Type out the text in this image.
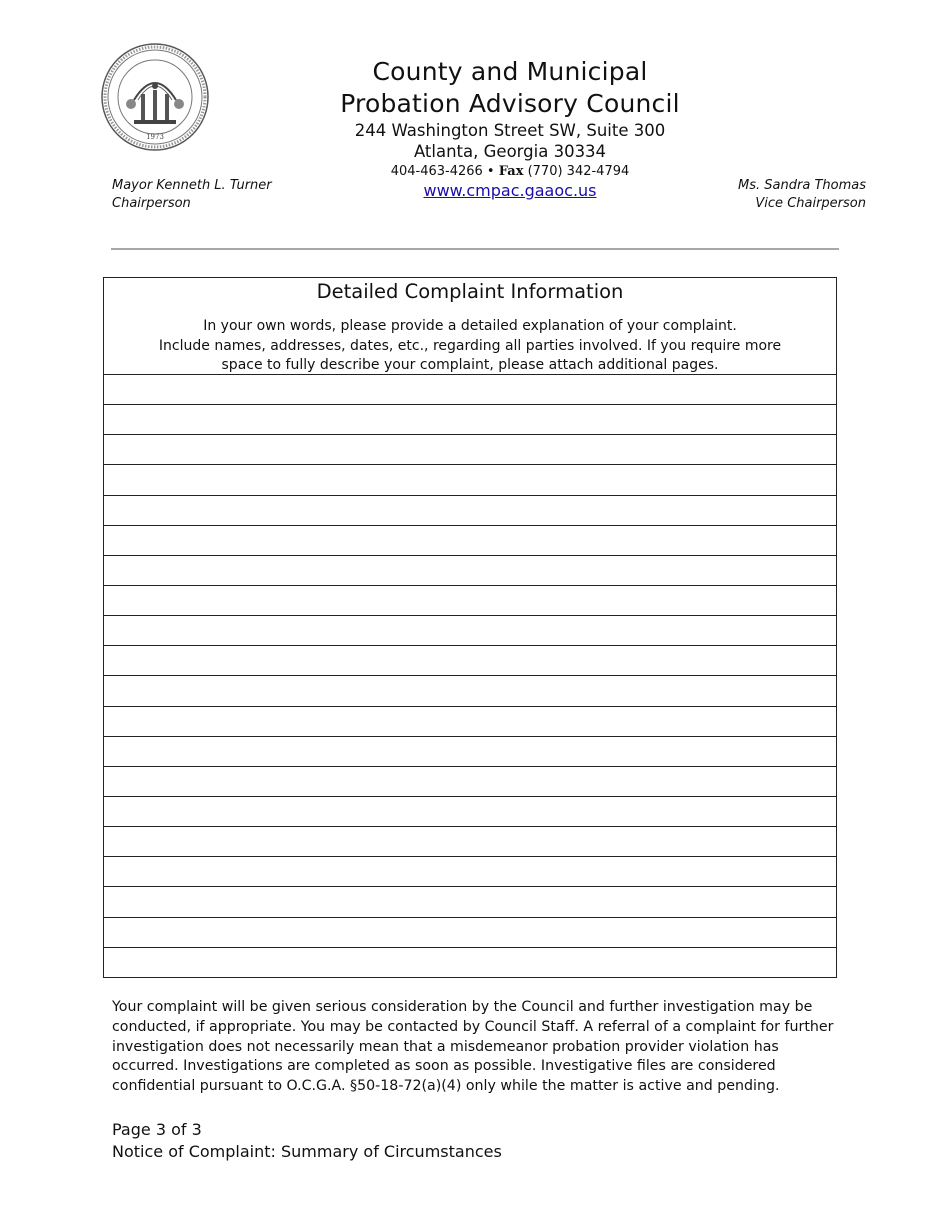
1973
County and Municipal
Probation Advisory Council
244 Washington Street SW, Suite 300
Atlanta, Georgia 30334
404-463-4266 • Fax (770) 342-4794
www.cmpac.gaaoc.us
Mayor Kenneth L. Turner
Chairperson
Ms. Sandra Thomas
Vice Chairperson
Detailed Complaint Information
In your own words, please provide a detailed explanation of your complaint.
Include names, addresses, dates, etc., regarding all parties involved. If you require more
space to fully describe your complaint, please attach additional pages.
Your complaint will be given serious consideration by the Council and further investigation may be conducted, if appropriate. You may be contacted by Council Staff. A referral of a complaint for further investigation does not necessarily mean that a misdemeanor probation provider violation has occurred. Investigations are completed as soon as possible. Investigative files are considered confidential pursuant to O.C.G.A. §50-18-72(a)(4) only while the matter is active and pending.
Page 3 of 3
Notice of Complaint: Summary of Circumstances
